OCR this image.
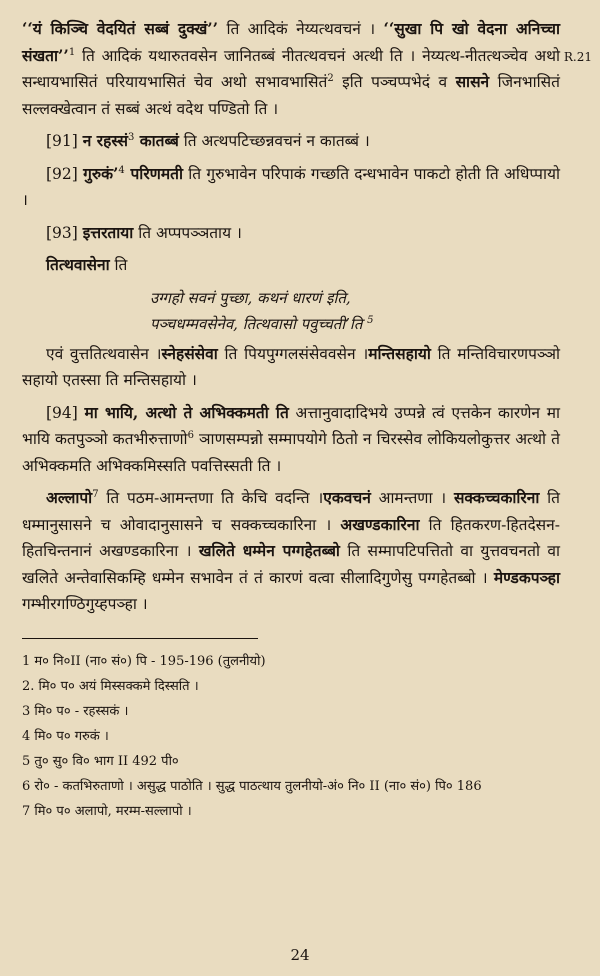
R.21

‘‘यं किञ्चि वेदयितं सब्बं दुक्खं’’ ति आदिकं नेय्यत्थवचनं । ‘‘सुखा पि खो वेदना अनिच्चा संखता’’$^1$ ति आदिकं यथारुतवसेन जानितब्बं नीतत्थवचनं अत्थी ति । नेय्यत्थ-नीतत्थञ्चेव अथो सन्धायभासितं परियायभासितं चेव अथो सभावभासितं$^2$ इति पञ्चप्पभेदं व सासने जिनभासितं सल्लक्खेत्वान तं सब्बं अत्थं वदेथ पण्डितो ति ।

[91] न रहस्सं$^3$ कातब्बं ति अत्थपटिच्छन्नवचनं न कातब्बं ।

[92] गुरुकं’$^4$ परिणमती ति गुरुभावेन परिपाकं गच्छति दन्धभावेन पाकटो होती ति अधिप्पायो ।

[93] इत्तरताया ति अप्पपञ्ञताय ।

तित्थवासेना ति

उग्गहो सवनं पुच्छा, कथनं धारणं इति,
पञ्चधम्मवसेनेव, तित्थवासो पवुच्चती’ति $^5$

एवं वुत्ततित्थवासेन ।स्नेहसंसेवा ति पियपुग्गलसंसेववसेन ।मन्तिसहायो ति मन्तिविचारणपञ्ञो सहायो एतस्सा ति मन्तिसहायो ।

[94] मा भायि, अत्थो ते अभिक्कमती ति अत्तानुवादादिभये उप्पन्ने त्वं एत्तकेन कारणेन मा भायि कतपुञ्ञो कतभीरुत्ताणो$^6$ ञाणसम्पन्नो सम्मापयोगे ठितो न चिरस्सेव लोकियलोकुत्तर अत्थो ते अभिक्कमति अभिक्कमिस्सति पवत्तिस्सती ति ।

अल्लापो$^7$ ति पठम-आमन्तणा ति केचि वदन्ति ।एकवचनं आमन्तणा । सक्कच्चकारिना ति धम्मानुसासने च ओवादानुसासने च सक्कच्चकारिना । अखण्डकारिना ति हितकरण-हितदेसन-हितचिन्तनानं अखण्डकारिना । खलिते धम्मेन पग्गहेतब्बो ति सम्मापटिपत्तितो वा युत्तवचनतो वा खलिते अन्तेवासिकम्हि धम्मेन सभावेन तं तं कारणं वत्वा सीलादिगुणेसु पग्गहेतब्बो । मेण्डकपञ्हा गम्भीरगण्ठिगुय्हपञ्हा ।

1 म० नि०II (ना० सं०) पि - 195-196 (तुलनीयो)

2. मि० प० अयं मिस्सक्कमे दिस्सति ।

3 मि० प० - रहस्सकं ।

4 मि० प० गरुकं ।

5 तु० सु० वि० भाग II 492 पी०

6 रो० - कतभिरुताणो । असुद्ध पाठोति । सुद्ध पाठत्थाय तुलनीयो-अं० नि० II (ना० सं०) पि० 186

7 मि० प० अलापो, मरम्म-सल्लापो ।

24
